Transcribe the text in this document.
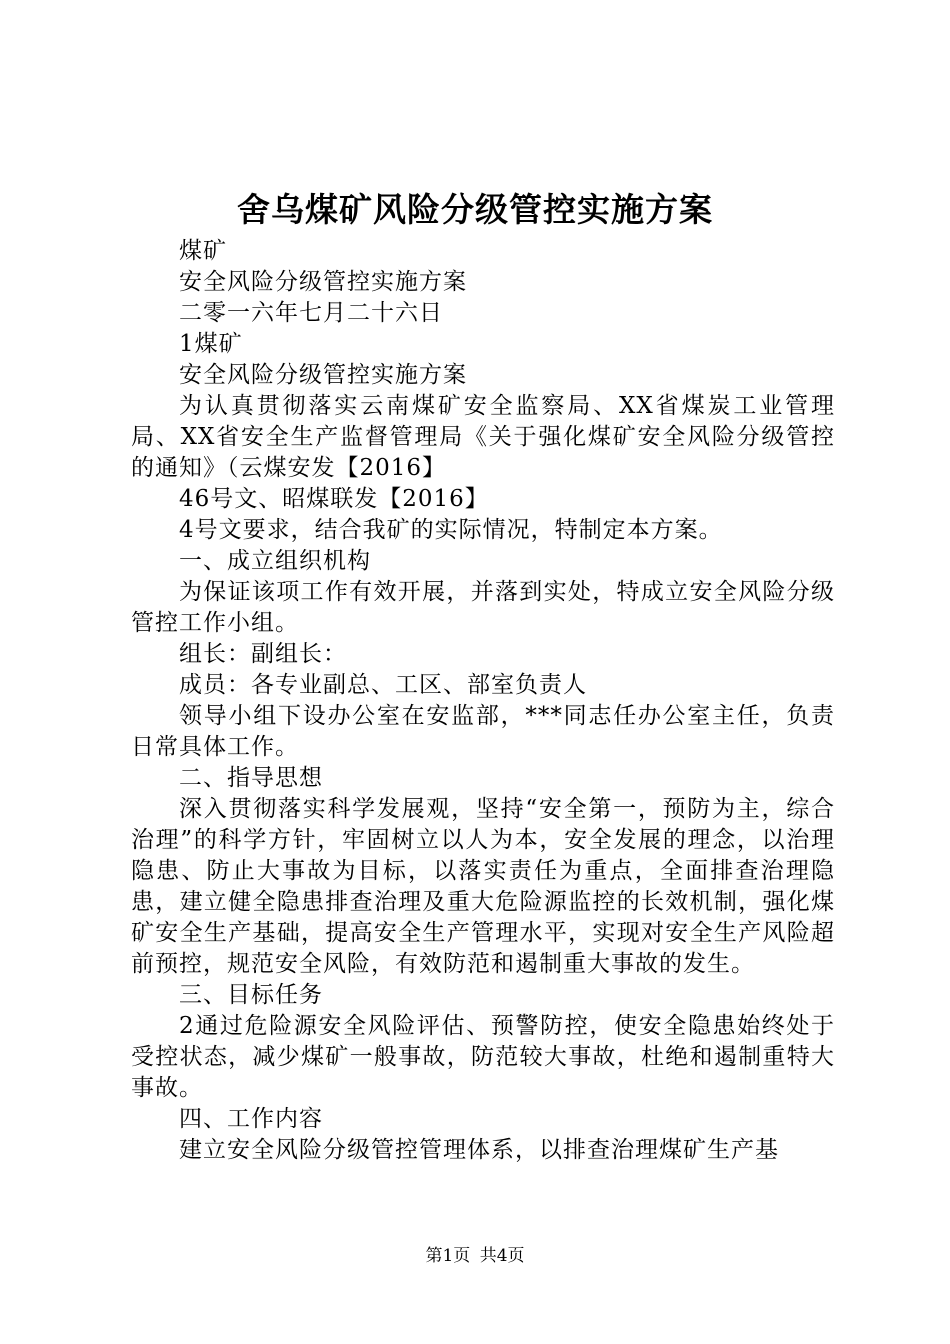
舍乌煤矿风险分级管控实施方案

煤矿

安全风险分级管控实施方案

二零一六年七月二十六日

1煤矿

安全风险分级管控实施方案

为认真贯彻落实云南煤矿安全监察局、XX省煤炭工业管理局、XX省安全生产监督管理局《关于强化煤矿安全风险分级管控的通知》（云煤安发【2016】

46号文、昭煤联发【2016】

4号文要求，结合我矿的实际情况，特制定本方案。

一、成立组织机构

为保证该项工作有效开展，并落到实处，特成立安全风险分级管控工作小组。

组长：副组长：

成员：各专业副总、工区、部室负责人

领导小组下设办公室在安监部，***同志任办公室主任，负责日常具体工作。

二、指导思想

深入贯彻落实科学发展观，坚持“安全第一，预防为主，综合治理”的科学方针，牢固树立以人为本，安全发展的理念，以治理隐患、防止大事故为目标，以落实责任为重点，全面排查治理隐患，建立健全隐患排查治理及重大危险源监控的长效机制，强化煤矿安全生产基础，提高安全生产管理水平，实现对安全生产风险超前预控，规范安全风险，有效防范和遏制重大事故的发生。

三、目标任务

2通过危险源安全风险评估、预警防控，使安全隐患始终处于受控状态，减少煤矿一般事故，防范较大事故，杜绝和遏制重特大事故。

四、工作内容

建立安全风险分级管控管理体系，以排查治理煤矿生产基

第1页 共4页
